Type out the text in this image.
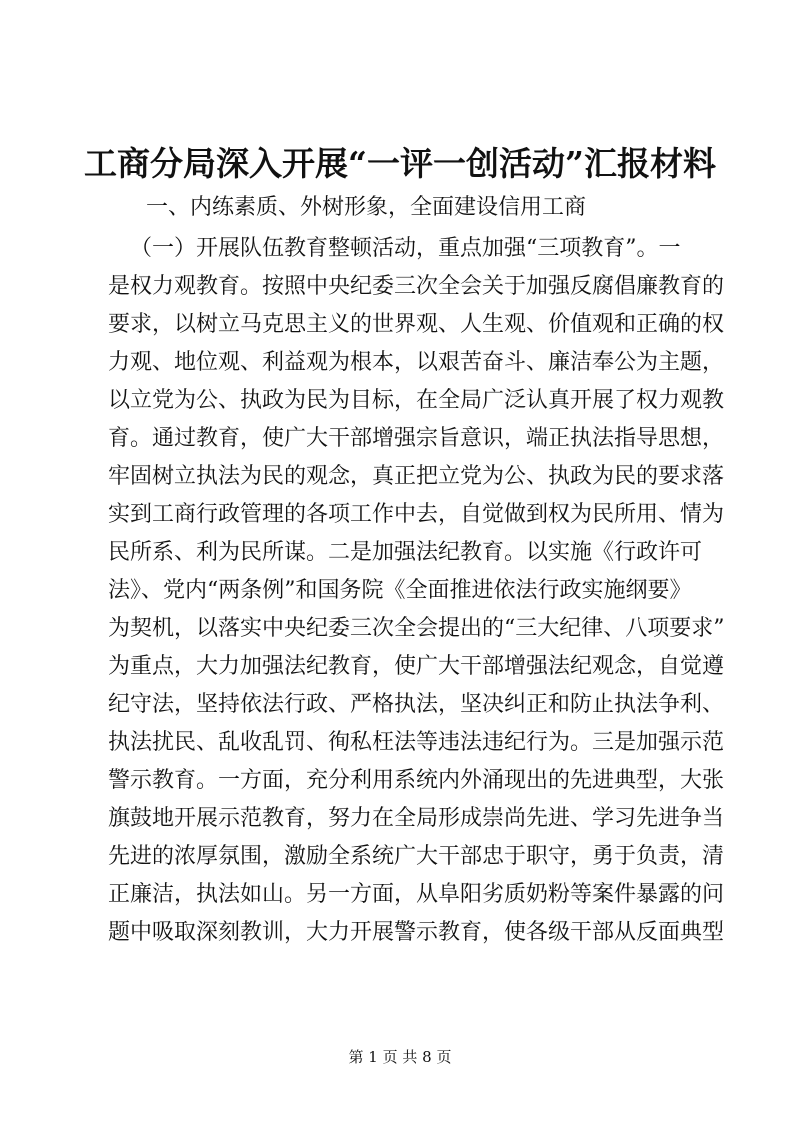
工商分局深入开展“一评一创活动”汇报材料
一、内练素质、外树形象，全面建设信用工商
（一）开展队伍教育整顿活动，重点加强“三项教育”。一
是权力观教育。按照中央纪委三次全会关于加强反腐倡廉教育的
要求，以树立马克思主义的世界观、人生观、价值观和正确的权
力观、地位观、利益观为根本，以艰苦奋斗、廉洁奉公为主题，
以立党为公、执政为民为目标，在全局广泛认真开展了权力观教
育。通过教育，使广大干部增强宗旨意识，端正执法指导思想，
牢固树立执法为民的观念，真正把立党为公、执政为民的要求落
实到工商行政管理的各项工作中去，自觉做到权为民所用、情为
民所系、利为民所谋。二是加强法纪教育。以实施《行政许可
法》、党内“两条例”和国务院《全面推进依法行政实施纲要》
为契机，以落实中央纪委三次全会提出的“三大纪律、八项要求”
为重点，大力加强法纪教育，使广大干部增强法纪观念，自觉遵
纪守法，坚持依法行政、严格执法，坚决纠正和防止执法争利、
执法扰民、乱收乱罚、徇私枉法等违法违纪行为。三是加强示范
警示教育。一方面，充分利用系统内外涌现出的先进典型，大张
旗鼓地开展示范教育，努力在全局形成崇尚先进、学习先进争当
先进的浓厚氛围，激励全系统广大干部忠于职守，勇于负责，清
正廉洁，执法如山。另一方面，从阜阳劣质奶粉等案件暴露的问
题中吸取深刻教训，大力开展警示教育，使各级干部从反面典型
第 1 页 共 8 页
